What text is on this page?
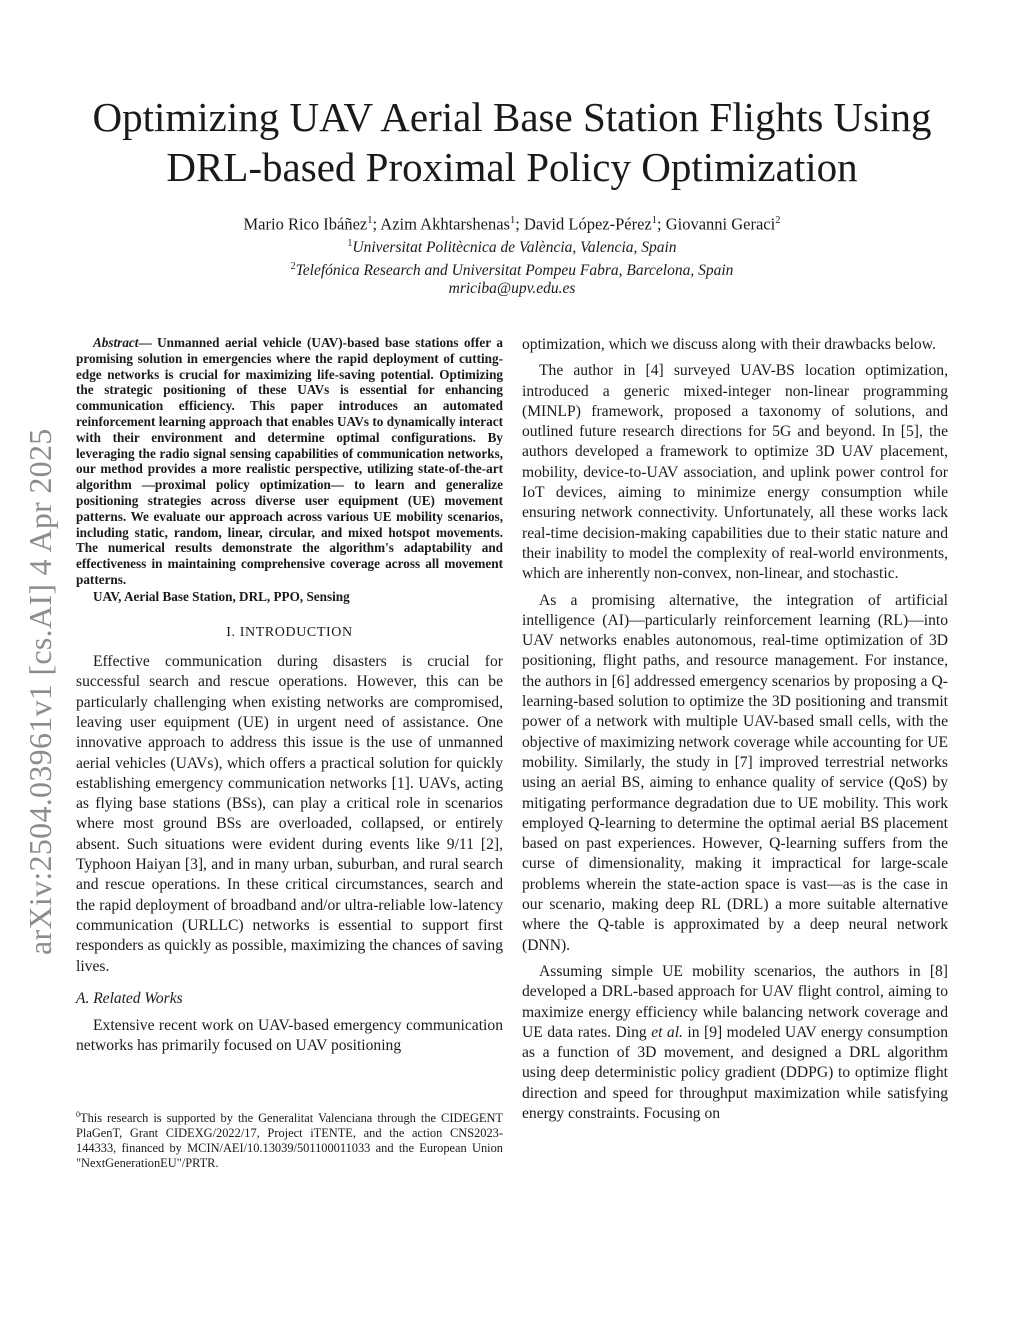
arXiv:2504.03961v1 [cs.AI] 4 Apr 2025
Optimizing UAV Aerial Base Station Flights Using
DRL-based Proximal Policy Optimization
Mario Rico Ibáñez$^1$; Azim Akhtarshenas$^1$; David López-Pérez$^1$; Giovanni Geraci$^2$
$^1$Universitat Politècnica de València, Valencia, Spain
$^2$Telefónica Research and Universitat Pompeu Fabra, Barcelona, Spain
mriciba@upv.edu.es

Abstract— Unmanned aerial vehicle (UAV)-based base stations offer a promising solution in emergencies where the rapid deployment of cutting-edge networks is crucial for maximizing life-saving potential. Optimizing the strategic positioning of these UAVs is essential for enhancing communication efficiency. This paper introduces an automated reinforcement learning approach that enables UAVs to dynamically interact with their environment and determine optimal configurations. By leveraging the radio signal sensing capabilities of communication networks, our method provides a more realistic perspective, utilizing state-of-the-art algorithm —proximal policy optimization— to learn and generalize positioning strategies across diverse user equipment (UE) movement patterns. We evaluate our approach across various UE mobility scenarios, including static, random, linear, circular, and mixed hotspot movements. The numerical results demonstrate the algorithm's adaptability and effectiveness in maintaining comprehensive coverage across all movement patterns.

UAV, Aerial Base Station, DRL, PPO, Sensing

I. INTRODUCTION

Effective communication during disasters is crucial for successful search and rescue operations. However, this can be particularly challenging when existing networks are compromised, leaving user equipment (UE) in urgent need of assistance. One innovative approach to address this issue is the use of unmanned aerial vehicles (UAVs), which offers a practical solution for quickly establishing emergency communication networks [1]. UAVs, acting as flying base stations (BSs), can play a critical role in scenarios where most ground BSs are overloaded, collapsed, or entirely absent. Such situations were evident during events like 9/11 [2], Typhoon Haiyan [3], and in many urban, suburban, and rural search and rescue operations. In these critical circumstances, search and the rapid deployment of broadband and/or ultra-reliable low-latency communication (URLLC) networks is essential to support first responders as quickly as possible, maximizing the chances of saving lives.

A. Related Works

Extensive recent work on UAV-based emergency communication networks has primarily focused on UAV positioning

$^0$This research is supported by the Generalitat Valenciana through the CIDEGENT PlaGenT, Grant CIDEXG/2022/17, Project iTENTE, and the action CNS2023-144333, financed by MCIN/AEI/10.13039/501100011033 and the European Union "NextGenerationEU"/PRTR.

optimization, which we discuss along with their drawbacks below.

The author in [4] surveyed UAV-BS location optimization, introduced a generic mixed-integer non-linear programming (MINLP) framework, proposed a taxonomy of solutions, and outlined future research directions for 5G and beyond. In [5], the authors developed a framework to optimize 3D UAV placement, mobility, device-to-UAV association, and uplink power control for IoT devices, aiming to minimize energy consumption while ensuring network connectivity. Unfortunately, all these works lack real-time decision-making capabilities due to their static nature and their inability to model the complexity of real-world environments, which are inherently non-convex, non-linear, and stochastic.

As a promising alternative, the integration of artificial intelligence (AI)—particularly reinforcement learning (RL)—into UAV networks enables autonomous, real-time optimization of 3D positioning, flight paths, and resource management. For instance, the authors in [6] addressed emergency scenarios by proposing a Q-learning-based solution to optimize the 3D positioning and transmit power of a network with multiple UAV-based small cells, with the objective of maximizing network coverage while accounting for UE mobility. Similarly, the study in [7] improved terrestrial networks using an aerial BS, aiming to enhance quality of service (QoS) by mitigating performance degradation due to UE mobility. This work employed Q-learning to determine the optimal aerial BS placement based on past experiences. However, Q-learning suffers from the curse of dimensionality, making it impractical for large-scale problems wherein the state-action space is vast—as is the case in our scenario, making deep RL (DRL) a more suitable alternative where the Q-table is approximated by a deep neural network (DNN).

Assuming simple UE mobility scenarios, the authors in [8] developed a DRL-based approach for UAV flight control, aiming to maximize energy efficiency while balancing network coverage and UE data rates. Ding et al. in [9] modeled UAV energy consumption as a function of 3D movement, and designed a DRL algorithm using deep deterministic policy gradient (DDPG) to optimize flight direction and speed for throughput maximization while satisfying energy constraints. Focusing on
